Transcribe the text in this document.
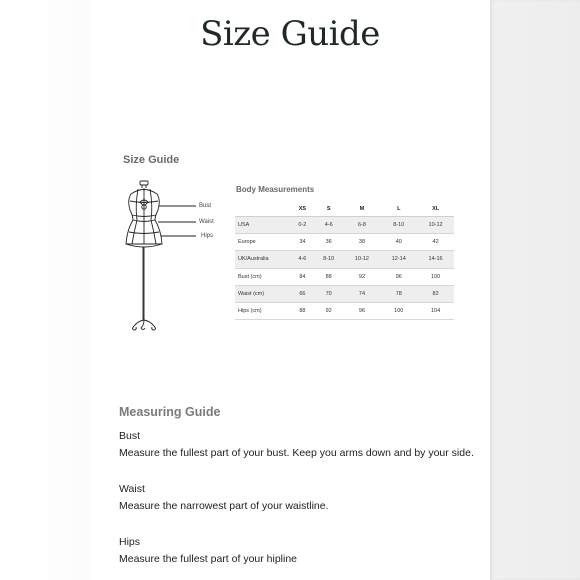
Size Guide
Size Guide
Bust
Waist
Hips
Body Measurements
	XS	S	M	L	XL
USA	0-2	4-6	6-8	8-10	10-12
Europe	34	36	38	40	42
UK/Australia	4-6	8-10	10-12	12-14	14-16
Bust (cm)	84	88	92	96	100
Waist (cm)	66	70	74	78	82
Hips (cm)	88	92	96	100	104
Measuring Guide
Bust
Measure the fullest part of your bust. Keep you arms down and by your side.
Waist
Measure the narrowest part of your waistline.
Hips
Measure the fullest part of your hipline
